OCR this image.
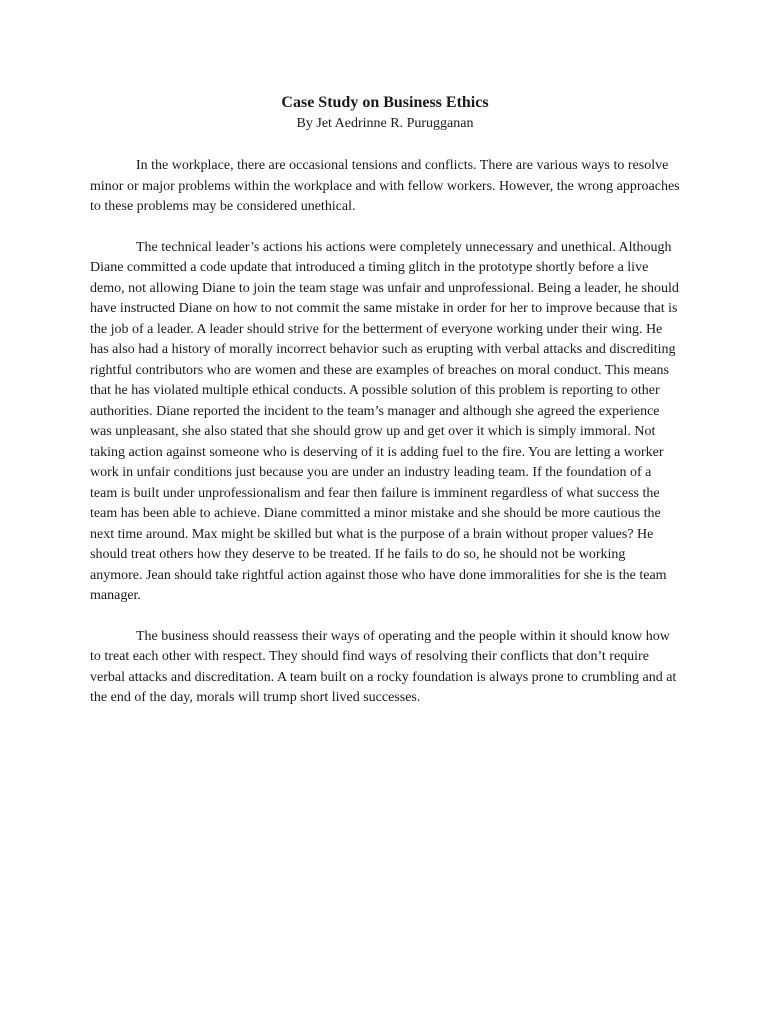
Case Study on Business Ethics

By Jet Aedrinne R. Purugganan

In the workplace, there are occasional tensions and conflicts. There are various ways to resolve minor or major problems within the workplace and with fellow workers. However, the wrong approaches to these problems may be considered unethical.

The technical leader’s actions his actions were completely unnecessary and unethical. Although Diane committed a code update that introduced a timing glitch in the prototype shortly before a live demo, not allowing Diane to join the team stage was unfair and unprofessional. Being a leader, he should have instructed Diane on how to not commit the same mistake in order for her to improve because that is the job of a leader. A leader should strive for the betterment of everyone working under their wing. He has also had a history of morally incorrect behavior such as erupting with verbal attacks and discrediting rightful contributors who are women and these are examples of breaches on moral conduct. This means that he has violated multiple ethical conducts. A possible solution of this problem is reporting to other authorities. Diane reported the incident to the team’s manager and although she agreed the experience was unpleasant, she also stated that she should grow up and get over it which is simply immoral. Not taking action against someone who is deserving of it is adding fuel to the fire. You are letting a worker work in unfair conditions just because you are under an industry leading team. If the foundation of a team is built under unprofessionalism and fear then failure is imminent regardless of what success the team has been able to achieve. Diane committed a minor mistake and she should be more cautious the next time around. Max might be skilled but what is the purpose of a brain without proper values? He should treat others how they deserve to be treated. If he fails to do so, he should not be working anymore. Jean should take rightful action against those who have done immoralities for she is the team manager.

The business should reassess their ways of operating and the people within it should know how to treat each other with respect. They should find ways of resolving their conflicts that don’t require verbal attacks and discreditation. A team built on a rocky foundation is always prone to crumbling and at the end of the day, morals will trump short lived successes.
